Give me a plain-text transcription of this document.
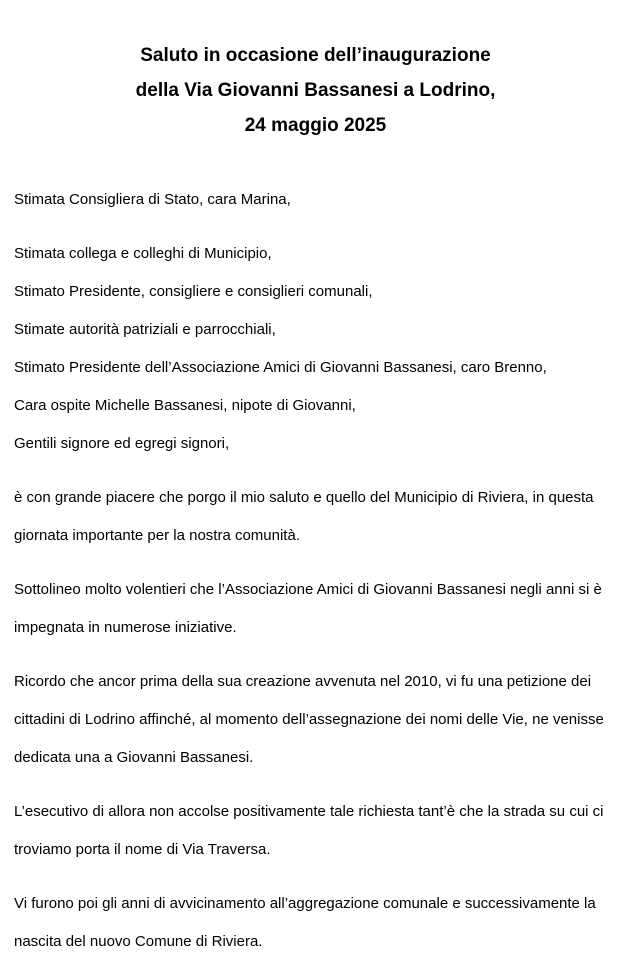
Saluto in occasione dell’inaugurazione
della Via Giovanni Bassanesi a Lodrino,
24 maggio 2025
Stimata Consigliera di Stato, cara Marina,
Stimata collega e colleghi di Municipio,
Stimato Presidente, consigliere e consiglieri comunali,
Stimate autorità patriziali e parrocchiali,
Stimato Presidente dell’Associazione Amici di Giovanni Bassanesi, caro Brenno,
Cara ospite Michelle Bassanesi, nipote di Giovanni,
Gentili signore ed egregi signori,
è con grande piacere che porgo il mio saluto e quello del Municipio di Riviera, in questa
giornata importante per la nostra comunità.
Sottolineo molto volentieri che l’Associazione Amici di Giovanni Bassanesi negli anni si è
impegnata in numerose iniziative.
Ricordo che ancor prima della sua creazione avvenuta nel 2010, vi fu una petizione dei
cittadini di Lodrino affinché, al momento dell’assegnazione dei nomi delle Vie, ne venisse
dedicata una a Giovanni Bassanesi.
L’esecutivo di allora non accolse positivamente tale richiesta tant’è che la strada su cui ci
troviamo porta il nome di Via Traversa.
Vi furono poi gli anni di avvicinamento all’aggregazione comunale e successivamente la
nascita del nuovo Comune di Riviera.
